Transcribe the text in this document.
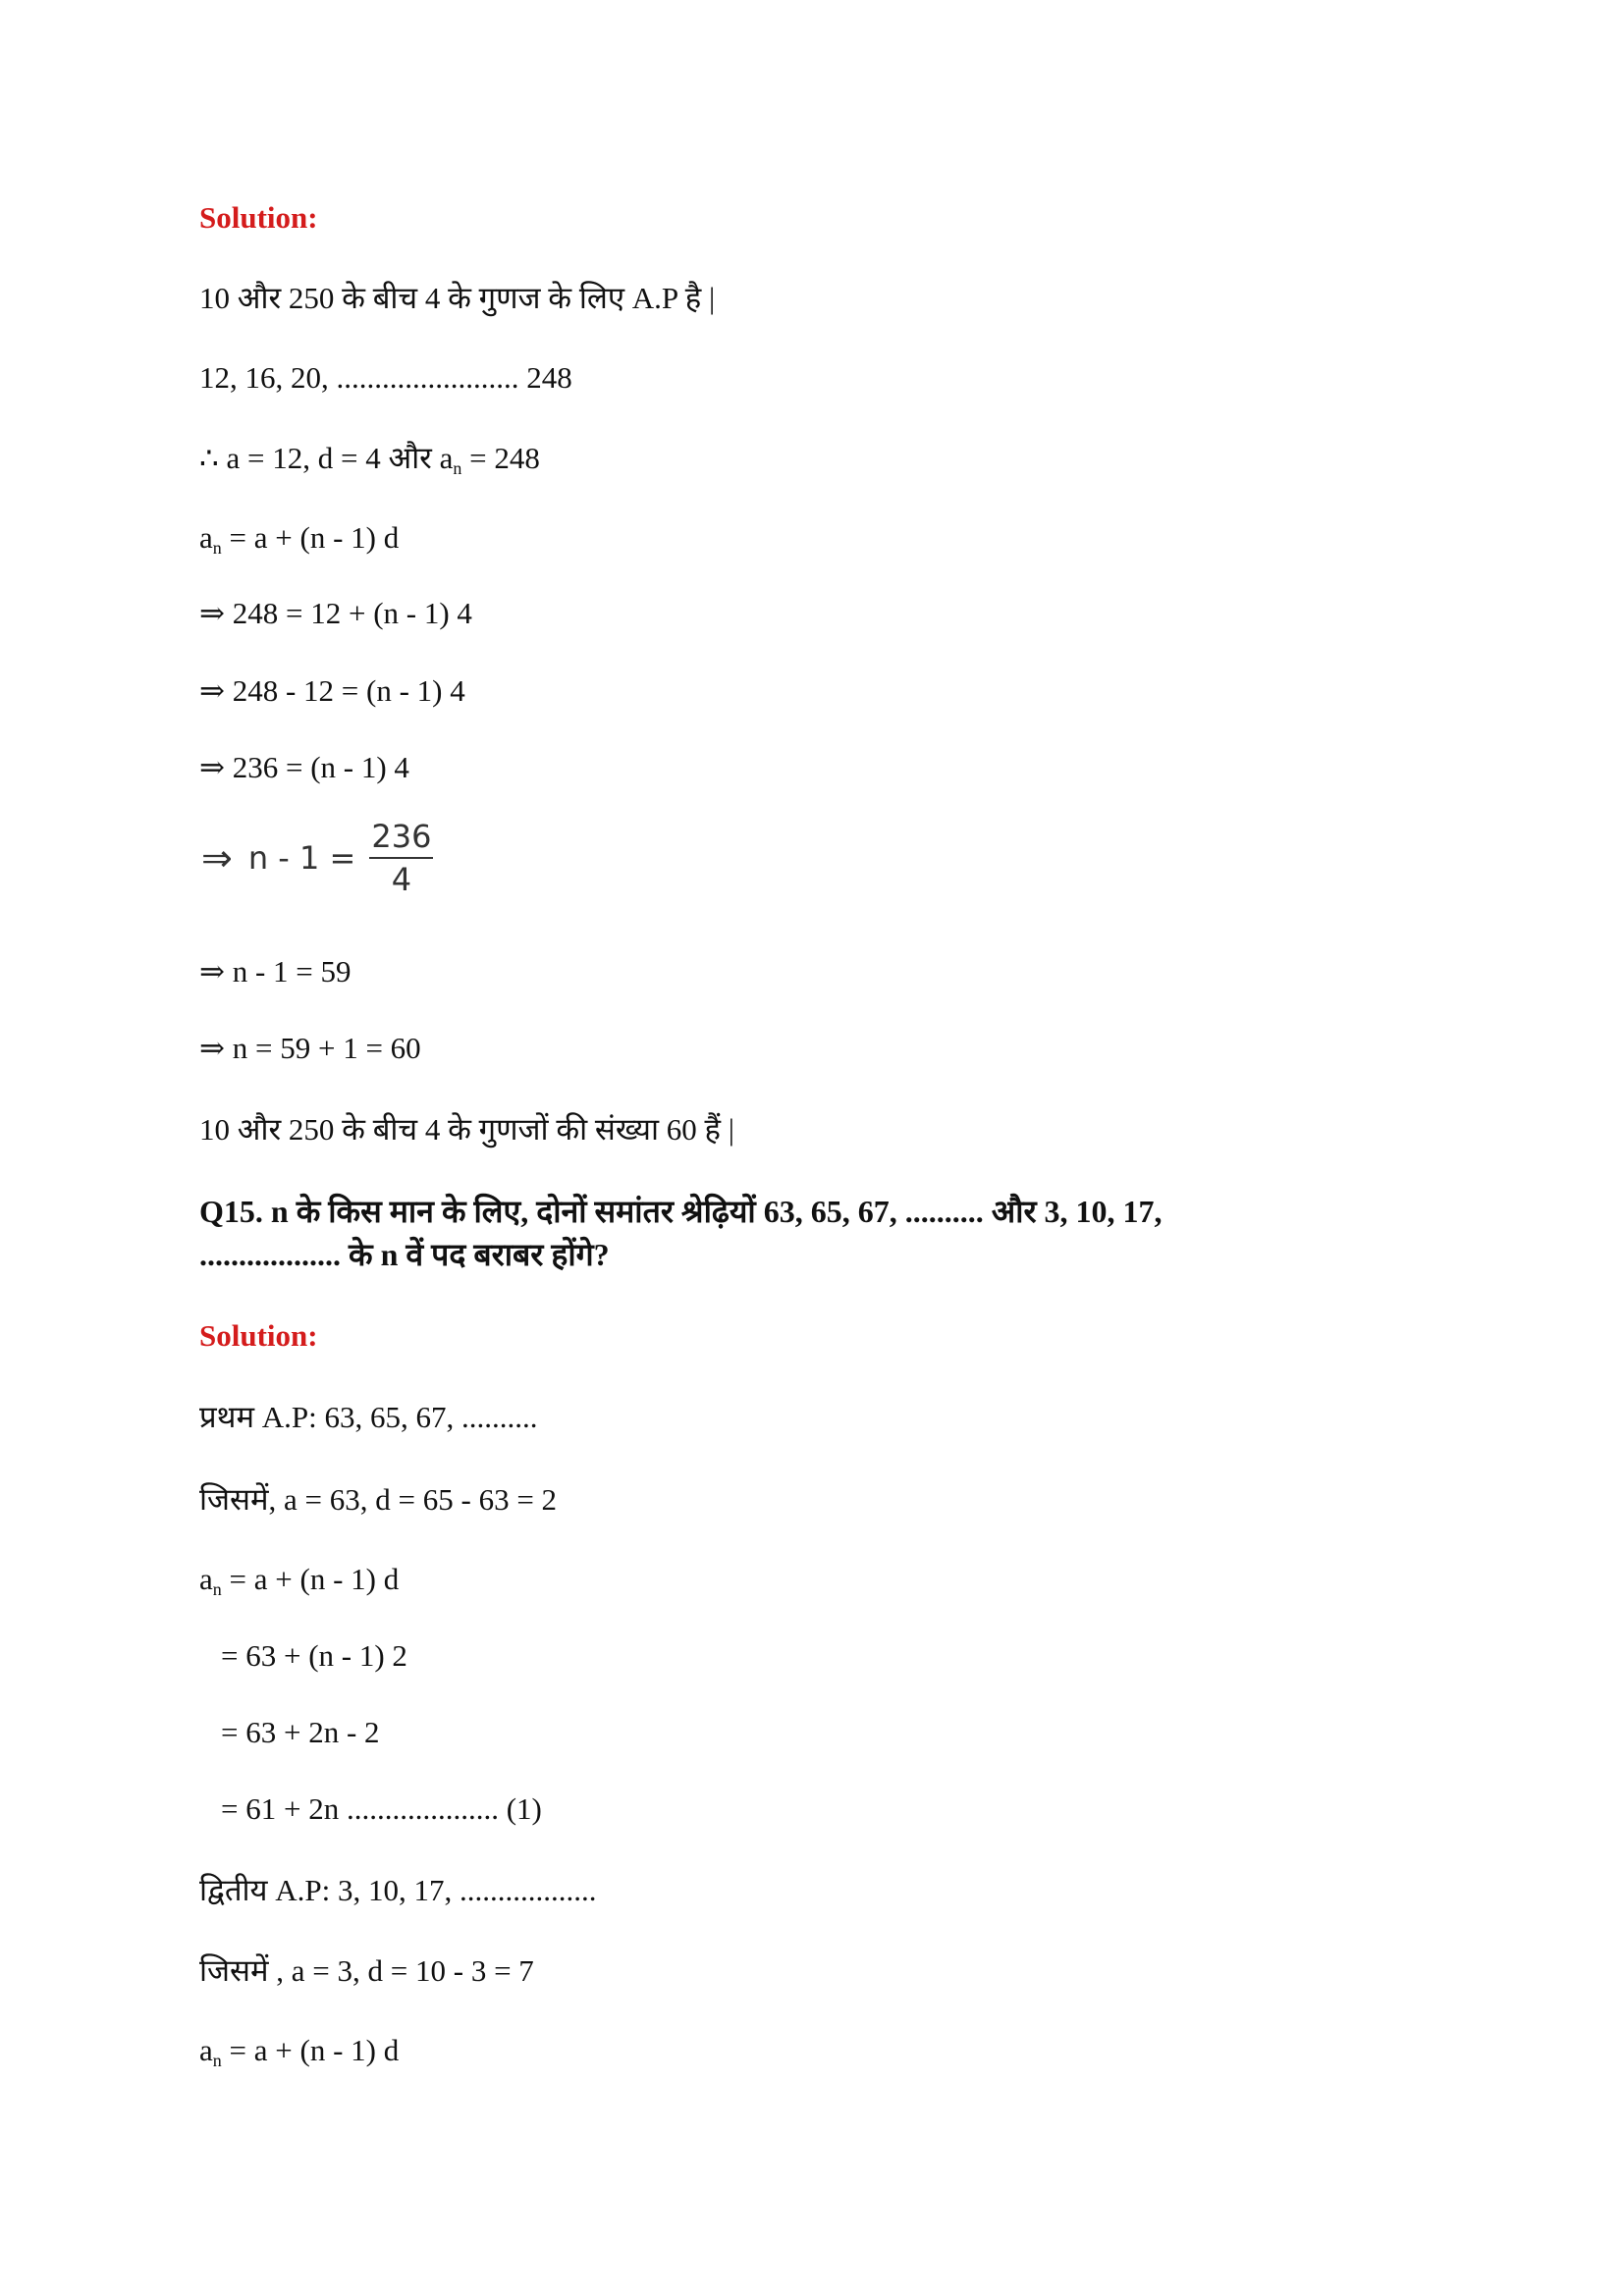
Solution:
10 और 250 के बीच 4 के गुणज के लिए A.P है |
12, 16, 20, ........................ 248
∴ a = 12, d = 4 और $a_n = 248$
$a_n = a + (n - 1)$ d
⇒ 248 = 12 + (n - 1) 4
⇒ 248 - 12 = (n - 1) 4
⇒ 236 = (n - 1) 4
⇒ $n - 1 = \frac{236}{4}$
⇒ n - 1 = 59
⇒ n = 59 + 1 = 60
10 और 250 के बीच 4 के गुणजों की संख्या 60 हैं |
Q15. n के किस मान के लिए, दोनों समांतर श्रेढ़ियों 63, 65, 67, .......... और 3, 10, 17, .................. के n वें पद बराबर होंगे?
Solution:
प्रथम A.P: 63, 65, 67, ..........
जिसमें, a = 63, d = 65 - 63 = 2
$a_n = a + (n - 1)$ d
= 63 + (n - 1) 2
= 63 + 2n - 2
= 61 + 2n .................... (1)
द्वितीय A.P: 3, 10, 17, ..................
जिसमें , a = 3, d = 10 - 3 = 7
$a_n = a + (n - 1)$ d
